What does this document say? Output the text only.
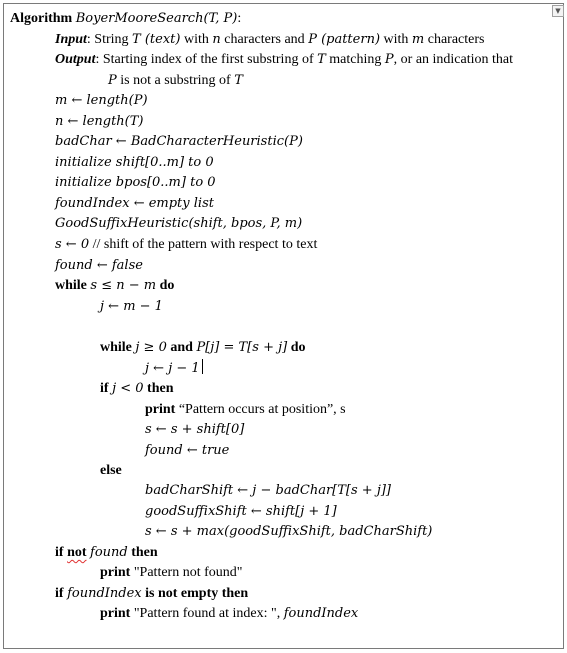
▼
Algorithm BoyerMooreSearch(T, P)​:
Input: String T (text) with n characters and P (pattern) with m characters
Output: Starting index of the first substring of T matching P, or an indication that
P is not a substring of T
m ← length(P)
n ← length(T)
badChar ← BadCharacterHeuristic(P)
initialize shift[0..m] to 0
initialize bpos[0..m] to 0
foundIndex ← empty list
GoodSuffixHeuristic(shift, bpos, P, m)
s ← 0 // shift of the pattern with respect to text
found ← false
while s ≤ n − m do
j ← m − 1
while j ≥ 0 and P[j] = T[s + j] do
j ← j − 1
if j < 0 then
print “Pattern occurs at position”, s
s ← s + shift[0]
found ← true
else
badCharShift ← j − badChar[T[s + j]]
goodSuffixShift ← shift[j + 1]
s ← s + max(goodSuffixShift, badCharShift)
if not found then
print "Pattern not found"
if foundIndex is not empty then
print "Pattern found at index: ", foundIndex
